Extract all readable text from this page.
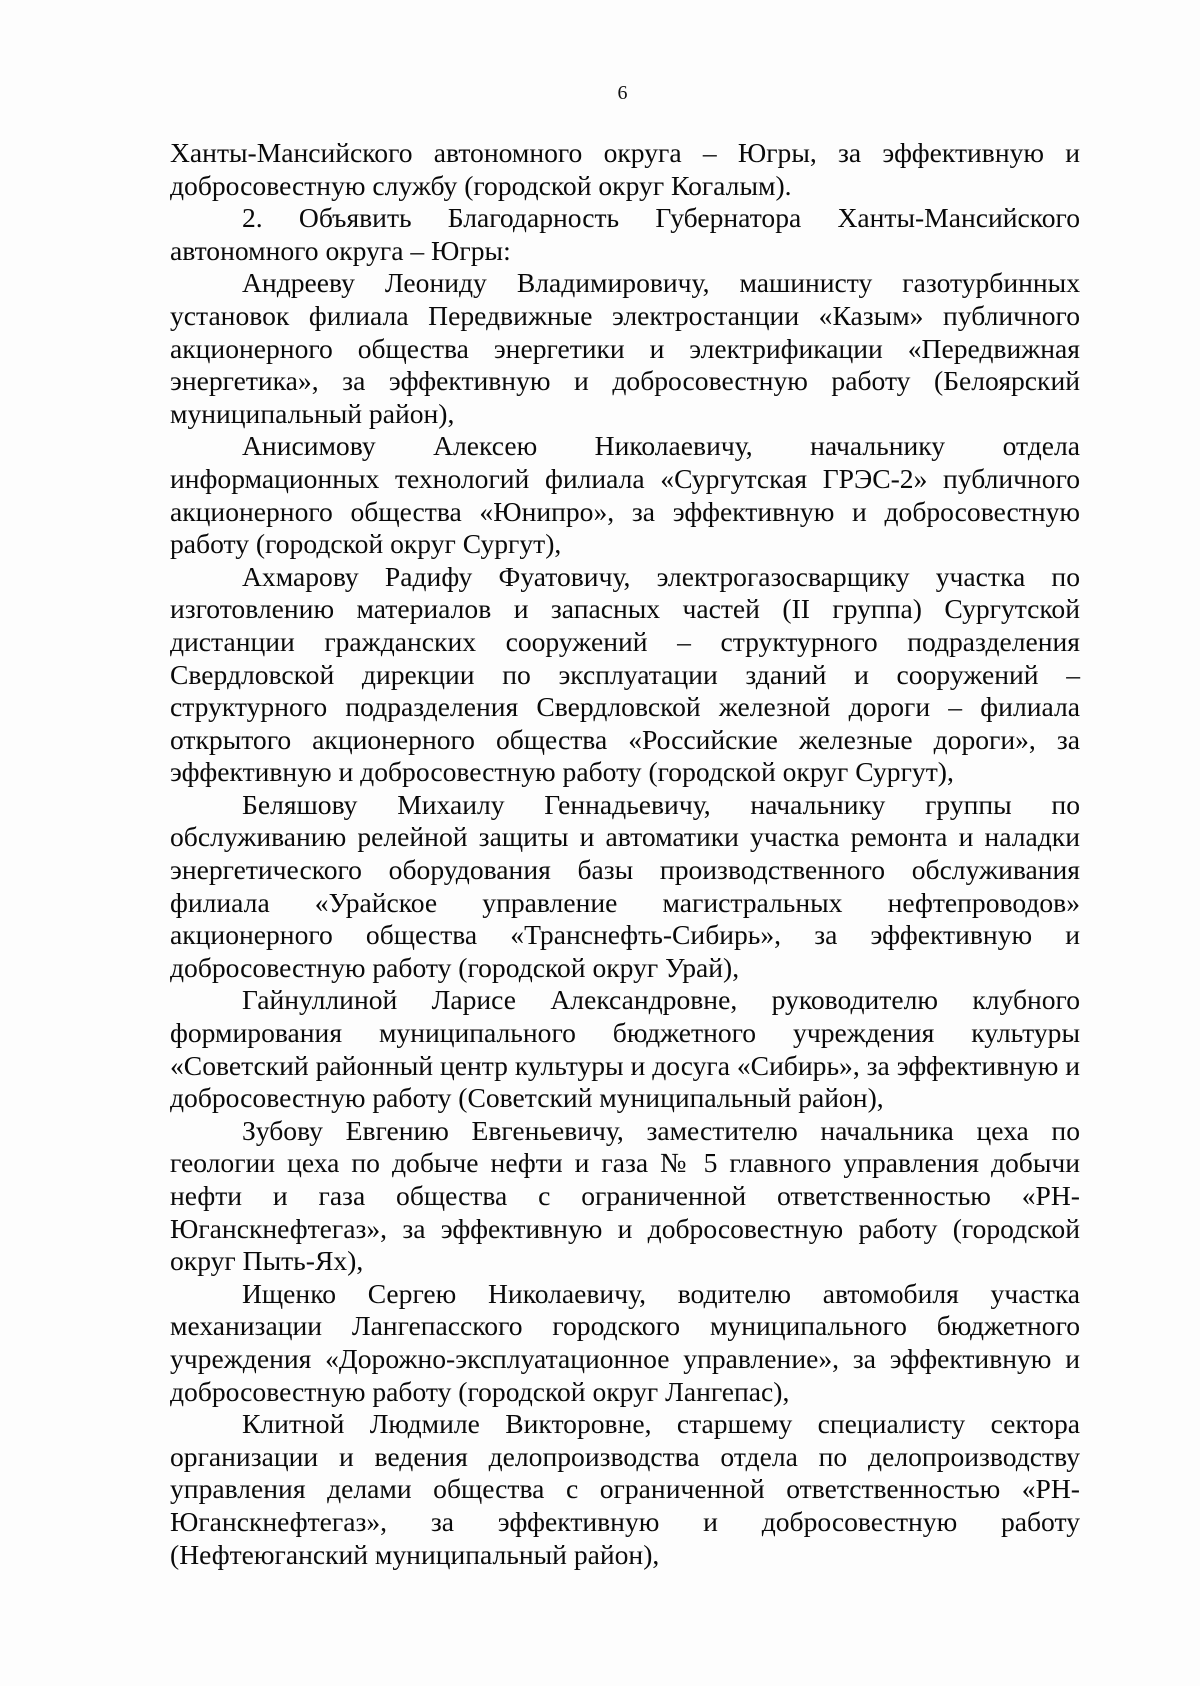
6

Ханты-Мансийского автономного округа – Югры, за эффективную и добросовестную службу (городской округ Когалым).

2. Объявить Благодарность Губернатора Ханты-Мансийского автономного округа – Югры:

Андрееву Леониду Владимировичу, машинисту газотурбинных установок филиала Передвижные электростанции «Казым» публичного акционерного общества энергетики и электрификации «Передвижная энергетика», за эффективную и добросовестную работу (Белоярский муниципальный район),

Анисимову Алексею Николаевичу, начальнику отдела информационных технологий филиала «Сургутская ГРЭС-2» публичного акционерного общества «Юнипро», за эффективную и добросовестную работу (городской округ Сургут),

Ахмарову Радифу Фуатовичу, электрогазосварщику участка по изготовлению материалов и запасных частей (II группа) Сургутской дистанции гражданских сооружений – структурного подразделения Свердловской дирекции по эксплуатации зданий и сооружений – структурного подразделения Свердловской железной дороги – филиала открытого акционерного общества «Российские железные дороги», за эффективную и добросовестную работу (городской округ Сургут),

Беляшову Михаилу Геннадьевичу, начальнику группы по обслуживанию релейной защиты и автоматики участка ремонта и наладки энергетического оборудования базы производственного обслуживания филиала «Урайское управление магистральных нефтепроводов» акционерного общества «Транснефть-Сибирь», за эффективную и добросовестную работу (городской округ Урай),

Гайнуллиной Ларисе Александровне, руководителю клубного формирования муниципального бюджетного учреждения культуры «Советский районный центр культуры и досуга «Сибирь», за эффективную и добросовестную работу (Советский муниципальный район),

Зубову Евгению Евгеньевичу, заместителю начальника цеха по геологии цеха по добыче нефти и газа № 5 главного управления добычи нефти и газа общества с ограниченной ответственностью «РН-Юганскнефтегаз», за эффективную и добросовестную работу (городской округ Пыть-Ях),

Ищенко Сергею Николаевичу, водителю автомобиля участка механизации Лангепасского городского муниципального бюджетного учреждения «Дорожно-эксплуатационное управление», за эффективную и добросовестную работу (городской округ Лангепас),

Клитной Людмиле Викторовне, старшему специалисту сектора организации и ведения делопроизводства отдела по делопроизводству управления делами общества с ограниченной ответственностью «РН-Юганскнефтегаз», за эффективную и добросовестную работу (Нефтеюганский муниципальный район),
